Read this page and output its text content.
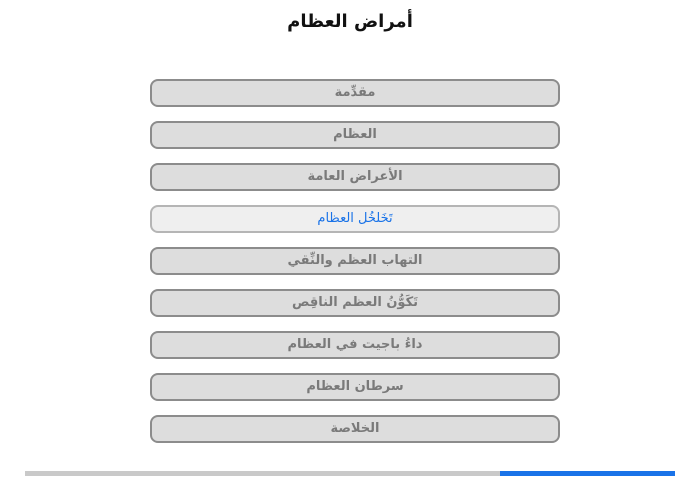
أمراض العظام
مقدِّمة
العظام
الأعراض العامة
تَخَلخُل العظام
التهاب العظم والنِّقي
تَكَوُّنُ العظم الناقِص
داءُ باجيت في العظام
سرطان العظام
الخلاصة
